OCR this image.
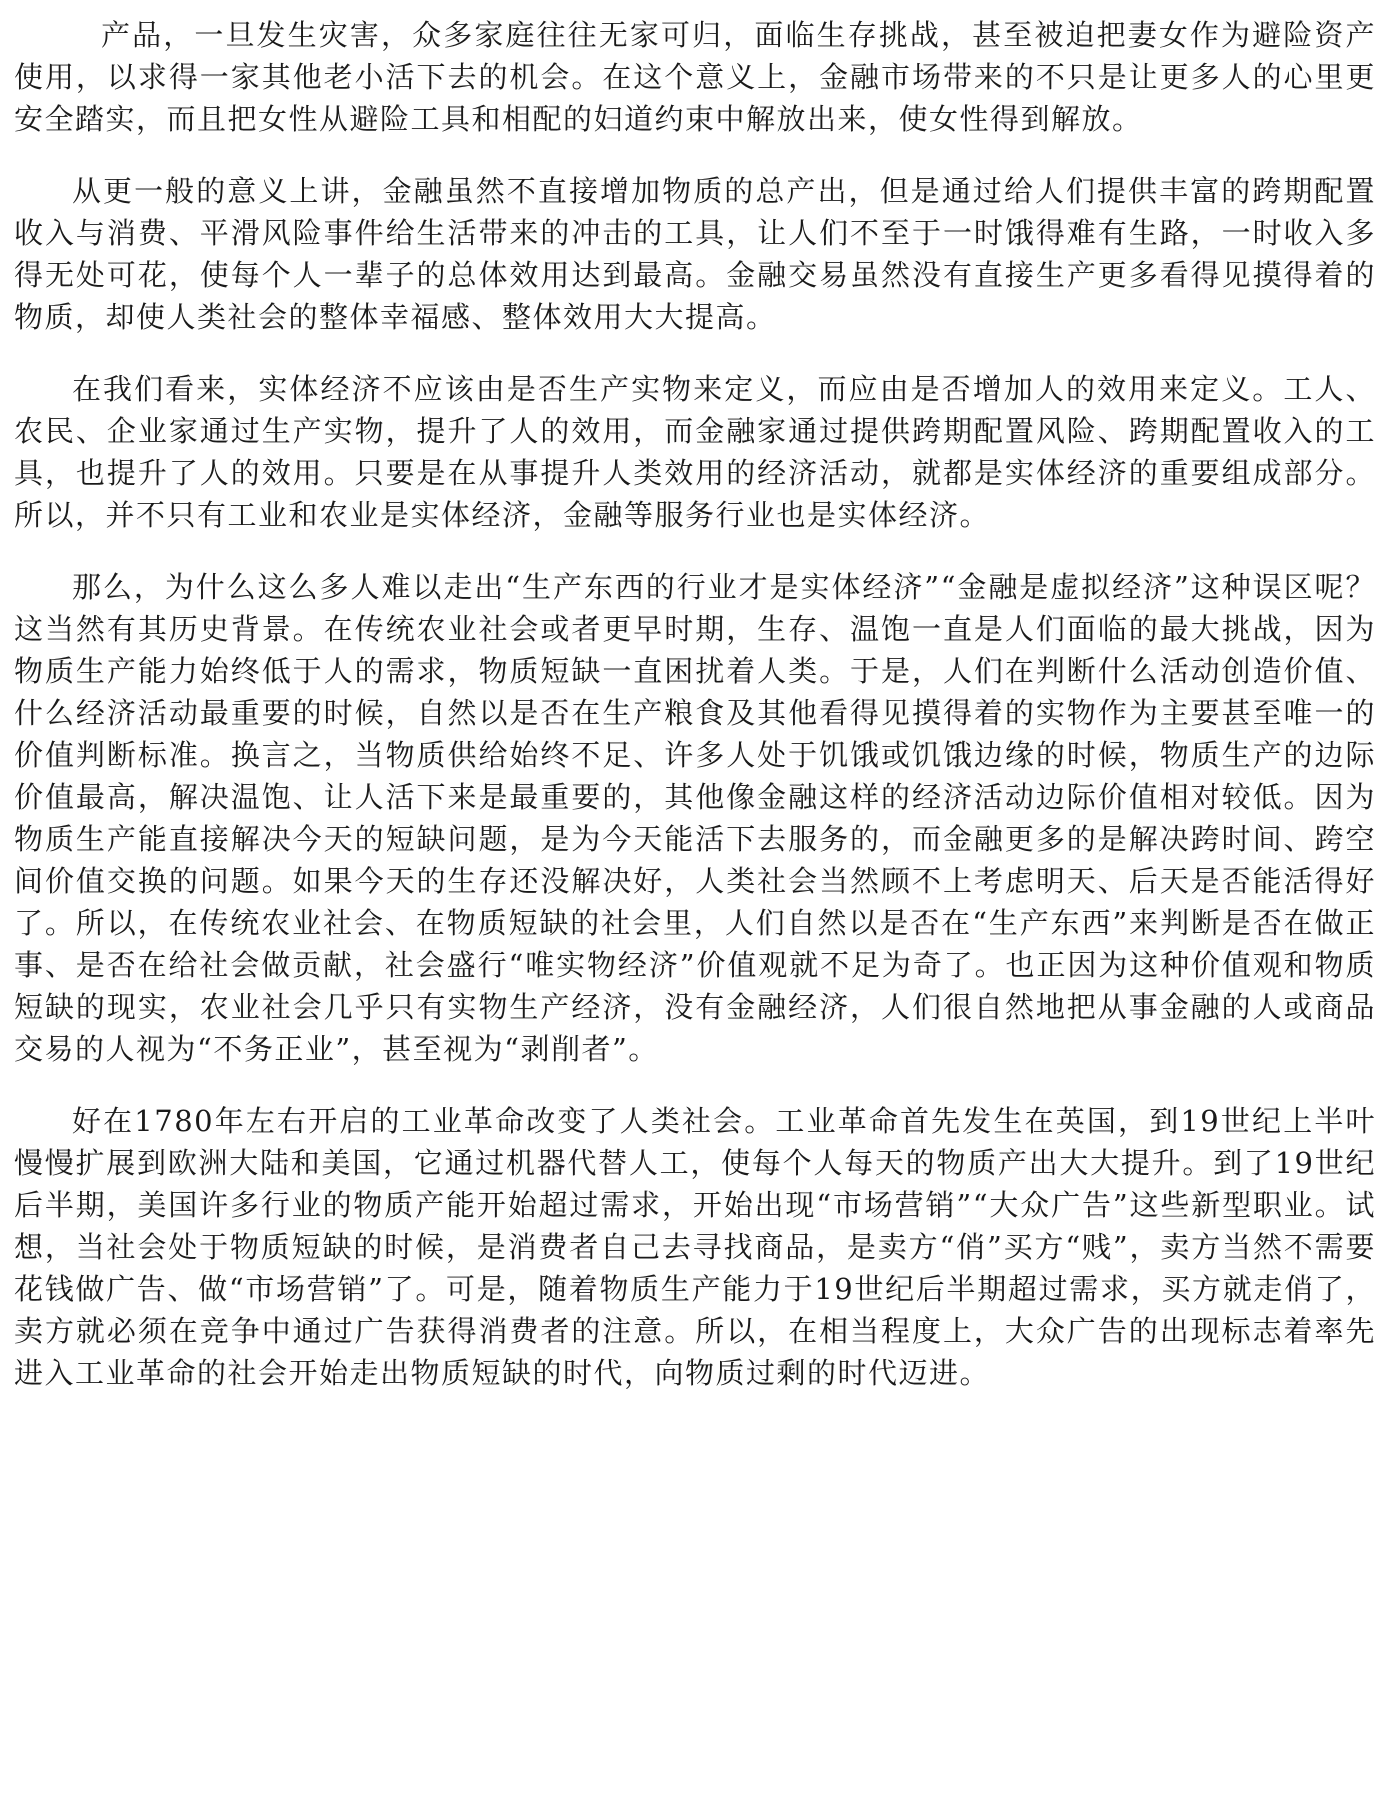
产品，一旦发生灾害，众多家庭往往无家可归，面临生存挑战，甚至被迫把妻女作为避险资产使用，以求得一家其他老小活下去的机会。在这个意义上，金融市场带来的不只是让更多人的心里更安全踏实，而且把女性从避险工具和相配的妇道约束中解放出来，使女性得到解放。

从更一般的意义上讲，金融虽然不直接增加物质的总产出，但是通过给人们提供丰富的跨期配置收入与消费、平滑风险事件给生活带来的冲击的工具，让人们不至于一时饿得难有生路，一时收入多得无处可花，使每个人一辈子的总体效用达到最高。金融交易虽然没有直接生产更多看得见摸得着的物质，却使人类社会的整体幸福感、整体效用大大提高。

在我们看来，实体经济不应该由是否生产实物来定义，而应由是否增加人的效用来定义。工人、农民、企业家通过生产实物，提升了人的效用，而金融家通过提供跨期配置风险、跨期配置收入的工具，也提升了人的效用。只要是在从事提升人类效用的经济活动，就都是实体经济的重要组成部分。所以，并不只有工业和农业是实体经济，金融等服务行业也是实体经济。

那么，为什么这么多人难以走出“生产东西的行业才是实体经济”“金融是虚拟经济”这种误区呢？这当然有其历史背景。在传统农业社会或者更早时期，生存、温饱一直是人们面临的最大挑战，因为物质生产能力始终低于人的需求，物质短缺一直困扰着人类。于是，人们在判断什么活动创造价值、什么经济活动最重要的时候，自然以是否在生产粮食及其他看得见摸得着的实物作为主要甚至唯一的价值判断标准。换言之，当物质供给始终不足、许多人处于饥饿或饥饿边缘的时候，物质生产的边际价值最高，解决温饱、让人活下来是最重要的，其他像金融这样的经济活动边际价值相对较低。因为物质生产能直接解决今天的短缺问题，是为今天能活下去服务的，而金融更多的是解决跨时间、跨空间价值交换的问题。如果今天的生存还没解决好，人类社会当然顾不上考虑明天、后天是否能活得好了。所以，在传统农业社会、在物质短缺的社会里，人们自然以是否在“生产东西”来判断是否在做正事、是否在给社会做贡献，社会盛行“唯实物经济”价值观就不足为奇了。也正因为这种价值观和物质短缺的现实，农业社会几乎只有实物生产经济，没有金融经济，人们很自然地把从事金融的人或商品交易的人视为“不务正业”，甚至视为“剥削者”。

好在1780年左右开启的工业革命改变了人类社会。工业革命首先发生在英国，到19世纪上半叶慢慢扩展到欧洲大陆和美国，它通过机器代替人工，使每个人每天的物质产出大大提升。到了19世纪后半期，美国许多行业的物质产能开始超过需求，开始出现“市场营销”“大众广告”这些新型职业。试想，当社会处于物质短缺的时候，是消费者自己去寻找商品，是卖方“俏”买方“贱”，卖方当然不需要花钱做广告、做“市场营销”了。可是，随着物质生产能力于19世纪后半期超过需求，买方就走俏了，卖方就必须在竞争中通过广告获得消费者的注意。所以，在相当程度上，大众广告的出现标志着率先进入工业革命的社会开始走出物质短缺的时代，向物质过剩的时代迈进。
